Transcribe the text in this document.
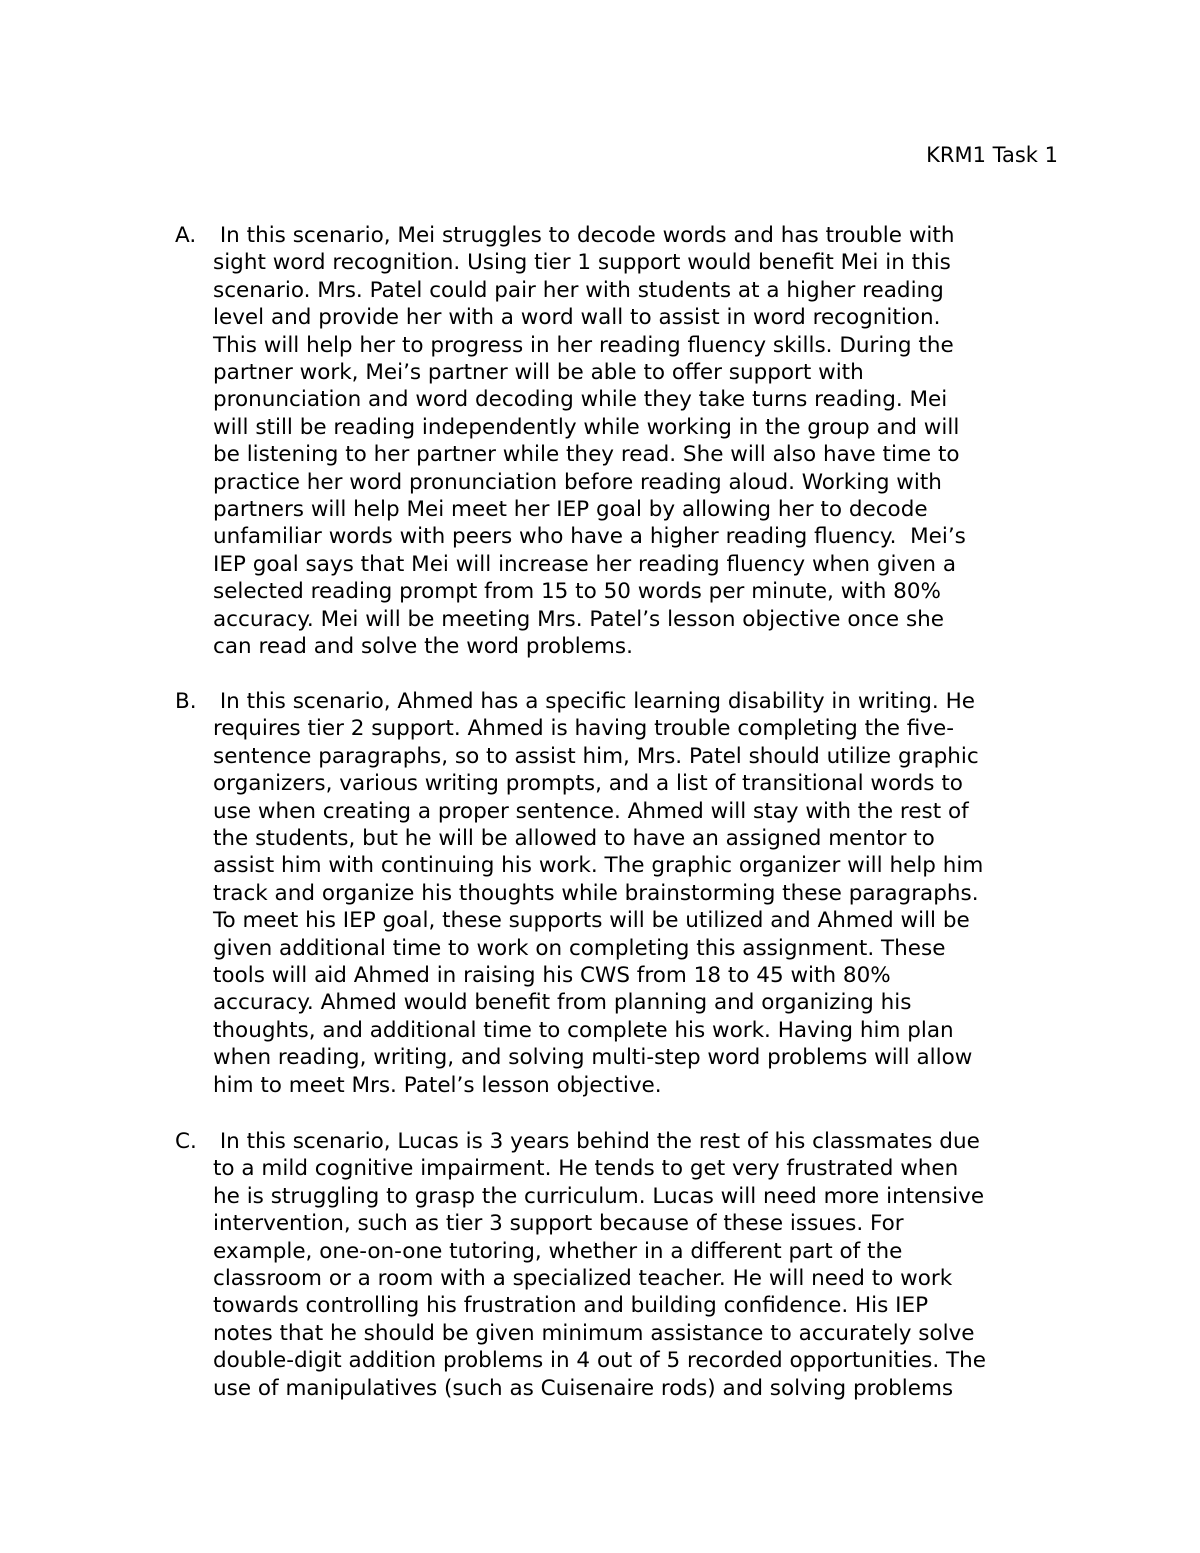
KRM1 Task 1
A. In this scenario, Mei struggles to decode words and has trouble with
sight word recognition. Using tier 1 support would benefit Mei in this
scenario. Mrs. Patel could pair her with students at a higher reading
level and provide her with a word wall to assist in word recognition.
This will help her to progress in her reading fluency skills. During the
partner work, Mei’s partner will be able to offer support with
pronunciation and word decoding while they take turns reading. Mei
will still be reading independently while working in the group and will
be listening to her partner while they read. She will also have time to
practice her word pronunciation before reading aloud. Working with
partners will help Mei meet her IEP goal by allowing her to decode
unfamiliar words with peers who have a higher reading fluency.  Mei’s
IEP goal says that Mei will increase her reading fluency when given a
selected reading prompt from 15 to 50 words per minute, with 80%
accuracy. Mei will be meeting Mrs. Patel’s lesson objective once she
can read and solve the word problems.
B. In this scenario, Ahmed has a specific learning disability in writing. He
requires tier 2 support. Ahmed is having trouble completing the five-
sentence paragraphs, so to assist him, Mrs. Patel should utilize graphic
organizers, various writing prompts, and a list of transitional words to
use when creating a proper sentence. Ahmed will stay with the rest of
the students, but he will be allowed to have an assigned mentor to
assist him with continuing his work. The graphic organizer will help him
track and organize his thoughts while brainstorming these paragraphs.
To meet his IEP goal, these supports will be utilized and Ahmed will be
given additional time to work on completing this assignment. These
tools will aid Ahmed in raising his CWS from 18 to 45 with 80%
accuracy. Ahmed would benefit from planning and organizing his
thoughts, and additional time to complete his work. Having him plan
when reading, writing, and solving multi-step word problems will allow
him to meet Mrs. Patel’s lesson objective.
C. In this scenario, Lucas is 3 years behind the rest of his classmates due
to a mild cognitive impairment. He tends to get very frustrated when
he is struggling to grasp the curriculum. Lucas will need more intensive
intervention, such as tier 3 support because of these issues. For
example, one-on-one tutoring, whether in a different part of the
classroom or a room with a specialized teacher. He will need to work
towards controlling his frustration and building confidence. His IEP
notes that he should be given minimum assistance to accurately solve
double-digit addition problems in 4 out of 5 recorded opportunities. The
use of manipulatives (such as Cuisenaire rods) and solving problems
